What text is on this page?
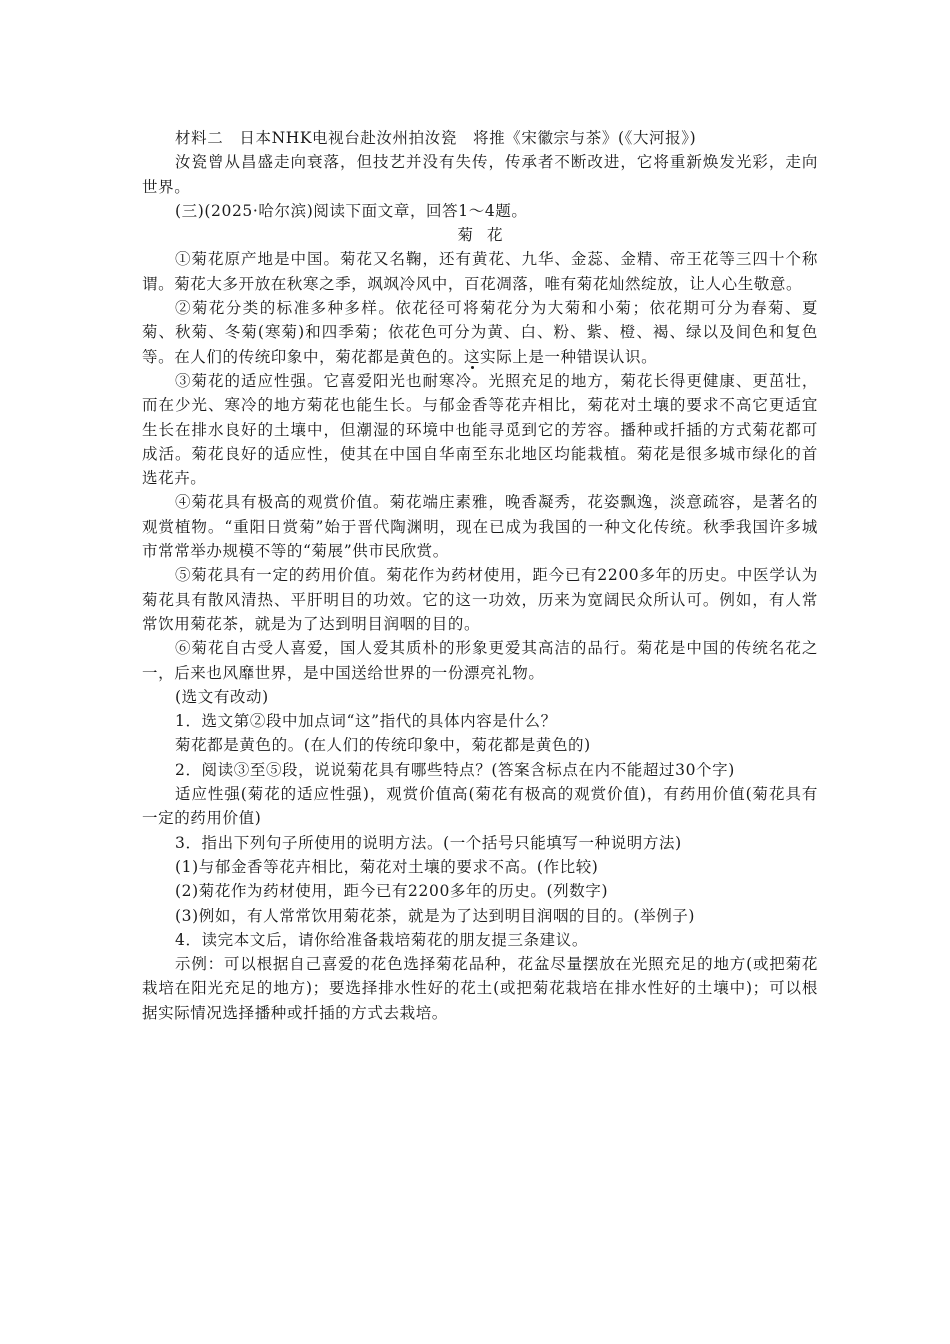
材料二　日本NHK电视台赴汝州拍汝瓷　将推《宋徽宗与茶》(《大河报》)

汝瓷曾从昌盛走向衰落，但技艺并没有失传，传承者不断改进，它将重新焕发光彩，走向世界。

(三)(2025·哈尔滨)阅读下面文章，回答1～4题。

菊花

①菊花原产地是中国。菊花又名鞠，还有黄花、九华、金蕊、金精、帝王花等三四十个称谓。菊花大多开放在秋寒之季，飒飒冷风中，百花凋落，唯有菊花灿然绽放，让人心生敬意。

②菊花分类的标准多种多样。依花径可将菊花分为大菊和小菊；依花期可分为春菊、夏菊、秋菊、冬菊(寒菊)和四季菊；依花色可分为黄、白、粉、紫、橙、褐、绿以及间色和复色等。在人们的传统印象中，菊花都是黄色的。这实际上是一种错误认识。

③菊花的适应性强。它喜爱阳光也耐寒冷。光照充足的地方，菊花长得更健康、更茁壮，而在少光、寒冷的地方菊花也能生长。与郁金香等花卉相比，菊花对土壤的要求不高它更适宜生长在排水良好的土壤中，但潮湿的环境中也能寻觅到它的芳容。播种或扦插的方式菊花都可成活。菊花良好的适应性，使其在中国自华南至东北地区均能栽植。菊花是很多城市绿化的首选花卉。

④菊花具有极高的观赏价值。菊花端庄素雅，晚香凝秀，花姿飘逸，淡意疏容，是著名的观赏植物。“重阳日赏菊”始于晋代陶渊明，现在已成为我国的一种文化传统。秋季我国许多城市常常举办规模不等的“菊展”供市民欣赏。

⑤菊花具有一定的药用价值。菊花作为药材使用，距今已有2200多年的历史。中医学认为菊花具有散风清热、平肝明目的功效。它的这一功效，历来为宽阔民众所认可。例如，有人常常饮用菊花茶，就是为了达到明目润咽的目的。

⑥菊花自古受人喜爱，国人爱其质朴的形象更爱其高洁的品行。菊花是中国的传统名花之一，后来也风靡世界，是中国送给世界的一份漂亮礼物。

(选文有改动)

1．选文第②段中加点词“这”指代的具体内容是什么？

菊花都是黄色的。(在人们的传统印象中，菊花都是黄色的)

2．阅读③至⑤段，说说菊花具有哪些特点？(答案含标点在内不能超过30个字)

适应性强(菊花的适应性强)，观赏价值高(菊花有极高的观赏价值)，有药用价值(菊花具有一定的药用价值)

3．指出下列句子所使用的说明方法。(一个括号只能填写一种说明方法)

(1)与郁金香等花卉相比，菊花对土壤的要求不高。(作比较)

(2)菊花作为药材使用，距今已有2200多年的历史。(列数字)

(3)例如，有人常常饮用菊花茶，就是为了达到明目润咽的目的。(举例子)

4．读完本文后，请你给准备栽培菊花的朋友提三条建议。

示例：可以根据自己喜爱的花色选择菊花品种，花盆尽量摆放在光照充足的地方(或把菊花栽培在阳光充足的地方)；要选择排水性好的花土(或把菊花栽培在排水性好的土壤中)；可以根据实际情况选择播种或扦插的方式去栽培。
